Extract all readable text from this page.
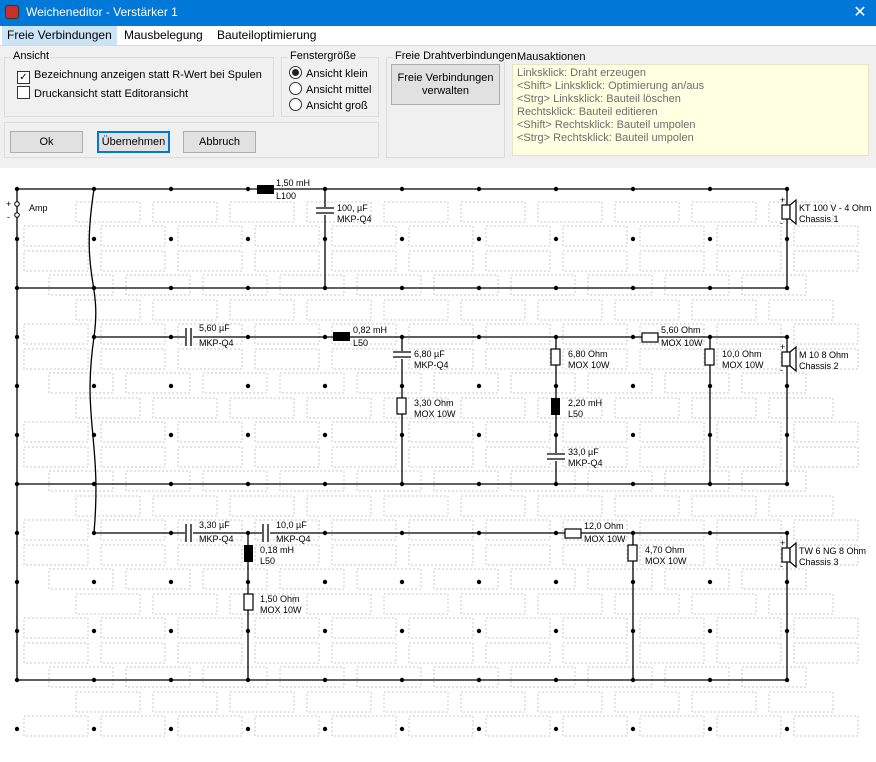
Weicheneditor - Verstärker 1	✕
Freie Verbindungen	Mausbelegung	Bauteiloptimierung
Ansicht
✓ Bezeichnung anzeigen statt R-Wert bei Spulen
Druckansicht statt Editoransicht
Fenstergröße
Ansicht klein
Ansicht mittel
Ansicht groß
Ok	Übernehmen	Abbruch
Freie Drahtverbindungen
Freie Verbindungen
verwalten
Mausaktionen
Linksklick: Draht erzeugen
<Shift> Linksklick: Optimierung an/aus
<Strg> Linksklick: Bauteil löschen
Rechtsklick: Bauteil editieren
<Shift> Rechtsklick: Bauteil umpolen
<Strg> Rechtsklick: Bauteil umpolen
+
-
Amp
+
-
KT 100 V - 4 Ohm
Chassis 1
+
-
M 10 8 Ohm
Chassis 2
+
-
TW 6 NG 8 Ohm
Chassis 3
1,50 mH
L100
100, µF
MKP-Q4
5,60 µF
MKP-Q4
0,82 mH
L50
6,80 µF
MKP-Q4
3,30 Ohm
MOX 10W
6,80 Ohm
MOX 10W
2,20 mH
L50
33,0 µF
MKP-Q4
5,60 Ohm
MOX 10W
10,0 Ohm
MOX 10W
3,30 µF
MKP-Q4
10,0 µF
MKP-Q4
0,18 mH
L50
1,50 Ohm
MOX 10W
12,0 Ohm
MOX 10W
4,70 Ohm
MOX 10W
